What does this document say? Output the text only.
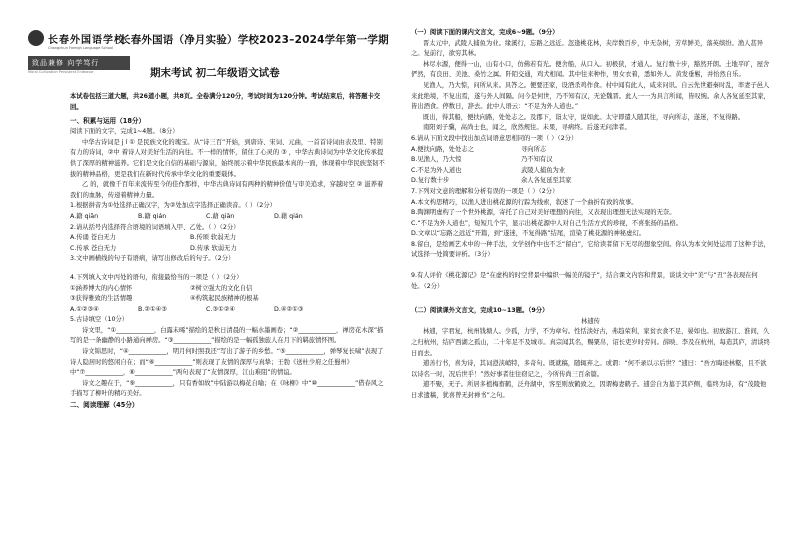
长春外国语学校
Changchun Foreign Language School
致品兼修 向学笃行
Moral Cultivation Persistent Endeavor
长春外国语（净月实验）学校2023–2024学年第一学期
期末考试 初二年级语文试卷

本试卷包括三道大题，共26道小题，共8页。全卷满分120分，考试时间为120分钟。考试结束后，将答题卡交回。

一、积累与运用（18分）
阅读下面的文字，完成1~4题。（8分）

中华古诗词是 j í ① 是民族文化的瑰宝。从“诗三百”开始，到唐诗、宋词、元曲，一首首诗词由表及里、特别有力的诗词，②中 着诗人对美好生活的向往。不一样的情怀，留住了心灵的 ③ ，中华古典诗词为中华文化传承提供了深厚的精神滋养。它们是文化自信的基础与源泉，始终展示着中华民族最本真的一面，体现着中华民族坚韧不拔的精神品格，更是我们在新时代传承中华文化的重要载体。

乙 的，就像千百年来流传至今的佳作那样，中华古典诗词有两种的精神价值与审美追求，穿越时空 ② 滋养着我们的血脉，传递着精神力量。

1.根据拼音为①处选择正确汉字，为②处加点字选择正确读音。（ ）（2分）
A.籍 qiān	B.籍 qián	C.藉 qiān	D.藉 qián
2.请从括号内选择符合语境的词语填入甲、乙处。（ ）（2分）
A.传诵 苍白无力	B.传颂 软弱无力
C.传承 苍白无力	D.传承 软弱无力
3.文中画横线的句子有语病，请写出修改后的句子。（2分）
4.下列填入文中丙处的语句，衔接最恰当的一项是（ ）（2分）
①涵养博大的内心情怀	②树立强大的文化自信
③获得雅致的生活情趣	④构筑起民族精神的根基
A.①②③④	B.②①④③	C.③①②④	D.④②①③
5.古诗填空（10分）

诗文里，“①____________，白露未晞”描绘的是秋日清晨的一幅水墨画卷；“②____________，禅房花木深”描写的是一条幽静的小路通向禅房。“③____________”描绘的是一幅孤独旅人在月下的羁旅情怀图。

诗文锦思时，“④____________，明月何时照我还”写出了游子的乡愁。“⑤____________，弹琴复长啸”表现了诗人隐居时的悠闲自在；而“⑥____________”则表现了友情的深厚与真挚；王勃《送杜少府之任蜀州》中“⑦____________，⑧____________”两句表现了“友情深厚，江山难阻”的情谊。

诗文之趣在于，“⑨____________，只有香如故”中陆游以梅花自喻；在《咏柳》中“⑩____________”借春风之手描写了柳叶的精巧美好。

二、阅读理解（45分）
（一）阅读下面的课内文言文，完成6~9题。（9分）

晋太元中，武陵人捕鱼为业。缘溪行，忘路之远近。忽逢桃花林，夹岸数百步，中无杂树，芳草鲜美，落英缤纷。渔人甚异之。复前行，欲穷其林。

林尽水源，便得一山，山有小口，仿佛若有光。便舍船，从口入。初极狭，才通人。复行数十步，豁然开朗。土地平旷，屋舍俨然，有良田、美池、桑竹之属。阡陌交通，鸡犬相闻。其中往来种作，男女衣着，悉如外人。黄发垂髫，并怡然自乐。

见渔人，乃大惊，问所从来。具答之。便要还家，设酒杀鸡作食。村中闻有此人，咸来问讯。自云先世避秦时乱，率妻子邑人来此绝境，不复出焉，遂与外人间隔。问今是何世，乃不知有汉，无论魏晋。此人一一为具言所闻，皆叹惋。余人各复延至其家，皆出酒食。停数日，辞去。此中人语云：“不足为外人道也。”

既出，得其船，便扶向路，处处志之。及郡下，诣太守，说如此。太守即遣人随其往，寻向所志，遂迷，不复得路。

南阳刘子骥，高尚士也，闻之，欣然规往。未果，寻病终。后遂无问津者。

6.请从下面文段中找出加点词语意思相同的一项（ ）（2分）
A.便扶向路，处处志之	寻向所志
B.见渔人，乃大惊	乃不知有汉
C.不足为外人道也	武陵人捕鱼为业
D.复行数十步	余人各复延至其家
7.下列对文意的理解和分析有误的一项是（ ）（2分）

A.本文构思精巧，以渔人进出桃花源的行踪为线索，叙述了一个曲折有致的故事。

B.陶渊明虚构了一个世外桃源，寄托了自己对美好理想的向往，又表现出理想无法实现的无奈。

C.“不足为外人道也”，短短几个字，显示出桃花源中人对自己生活方式的珍视，不喜张扬的品格。

D.文章以“忘路之远近”开篇，到“遂迷，不复得路”结尾，渲染了桃花源的神秘虚幻。

8.留白，是绘画艺术中的一种手法，文学创作中也不乏“留白”，它给读者留下无尽的想象空间。你认为本文何处运用了这种手法，试选择一处简要评析。（3分）

9.有人评价《桃花源记》是“在虚构的时空背景中编织一幅美的镜子”，结合课文内容和背景，谈谈文中“美”与“丑”各表现在何处。（2分）

（二）阅读课外文言文，完成10~13题。（9分）
林逋传

林逋，字君复，杭州钱塘人。少孤，力学，不为章句。性恬淡好古，弗趋荣利，家贫衣食不足，晏如也。初放游江、淮间，久之归杭州，结庐西湖之孤山，二十年足不及城市。真宗闻其名，赐粟帛，诏长吏岁时劳问。薛映、李及在杭州，每造其庐，清谈终日而去。

逋善行书，喜为诗，其词澄浃峭特，多奇句。既就稿，随辄弃之。或谓：“何不录以示后世？”逋曰：“吾方晦迹林壑，且不欲以诗名一时，况后世乎！”然好事者往往窃记之，今所传尚三百余篇。

逋不娶，无子。所居多植梅畜鹤，泛舟湖中，客至则放鹤致之，因谓梅妻鹤子。逋尝自为墓于其庐侧，临终为诗，有“茂陵他日求遗稿，犹喜曾无封禅书”之句。
